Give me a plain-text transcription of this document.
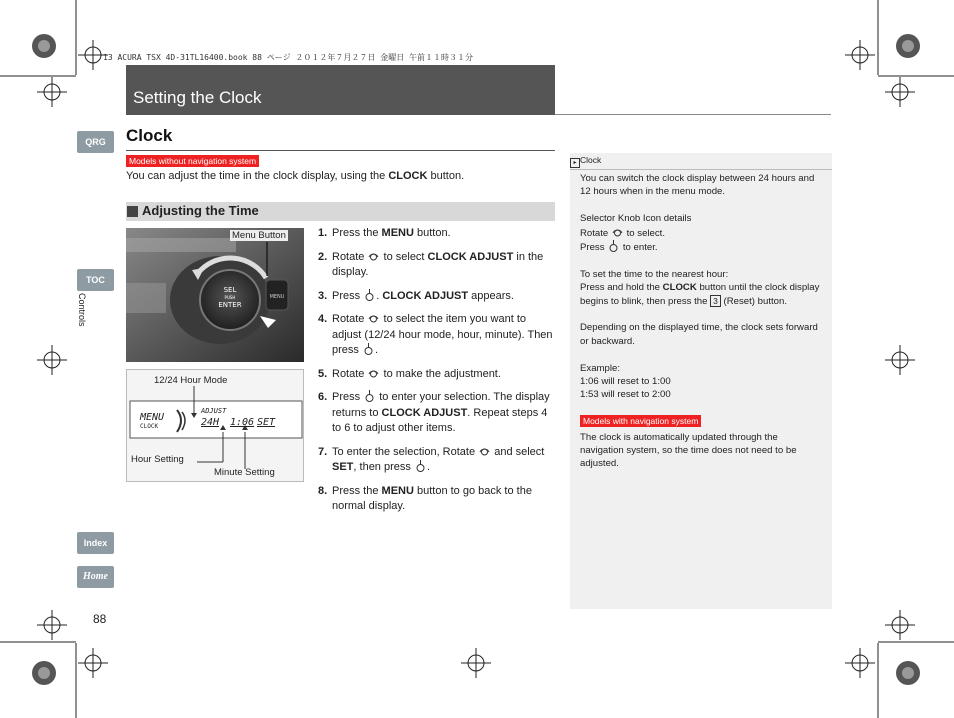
13 ACURA TSX 4D-31TL16400.book 88 ページ ２０１２年７月２７日 金曜日 午前１１時３１分
Setting the Clock
Clock
Models without navigation system
You can adjust the time in the clock display, using the CLOCK button.
Adjusting the Time
MENU
SEL
PUSH
ENTER
Menu Button
12/24 Hour Mode
MENU
CLOCK
ADJUST
24H 1:06 SET
Hour Setting
Minute Setting
1. Press the MENU button.
2. Rotate  to select CLOCK ADJUST in the display.
3. Press . CLOCK ADJUST appears.
4. Rotate  to select the item you want to adjust (12/24 hour mode, hour, minute). Then press .
5. Rotate  to make the adjustment.
6. Press  to enter your selection. The display returns to CLOCK ADJUST. Repeat steps 4 to 6 to adjust other items.
7. To enter the selection, Rotate  and select SET, then press .
8. Press the MENU button to go back to the normal display.
▸ Clock

You can switch the clock display between 24 hours and 12 hours when in the menu mode.

Selector Knob Icon details
Rotate  to select.
Press  to enter.

To set the time to the nearest hour:
Press and hold the CLOCK button until the clock display begins to blink, then press the 3 (Reset) button.

Depending on the displayed time, the clock sets forward or backward.

Example:
1:06 will reset to 1:00
1:53 will reset to 2:00

Models with navigation system

The clock is automatically updated through the navigation system, so the time does not need to be adjusted.

QRG
TOC
Controls
Index
Home
88
